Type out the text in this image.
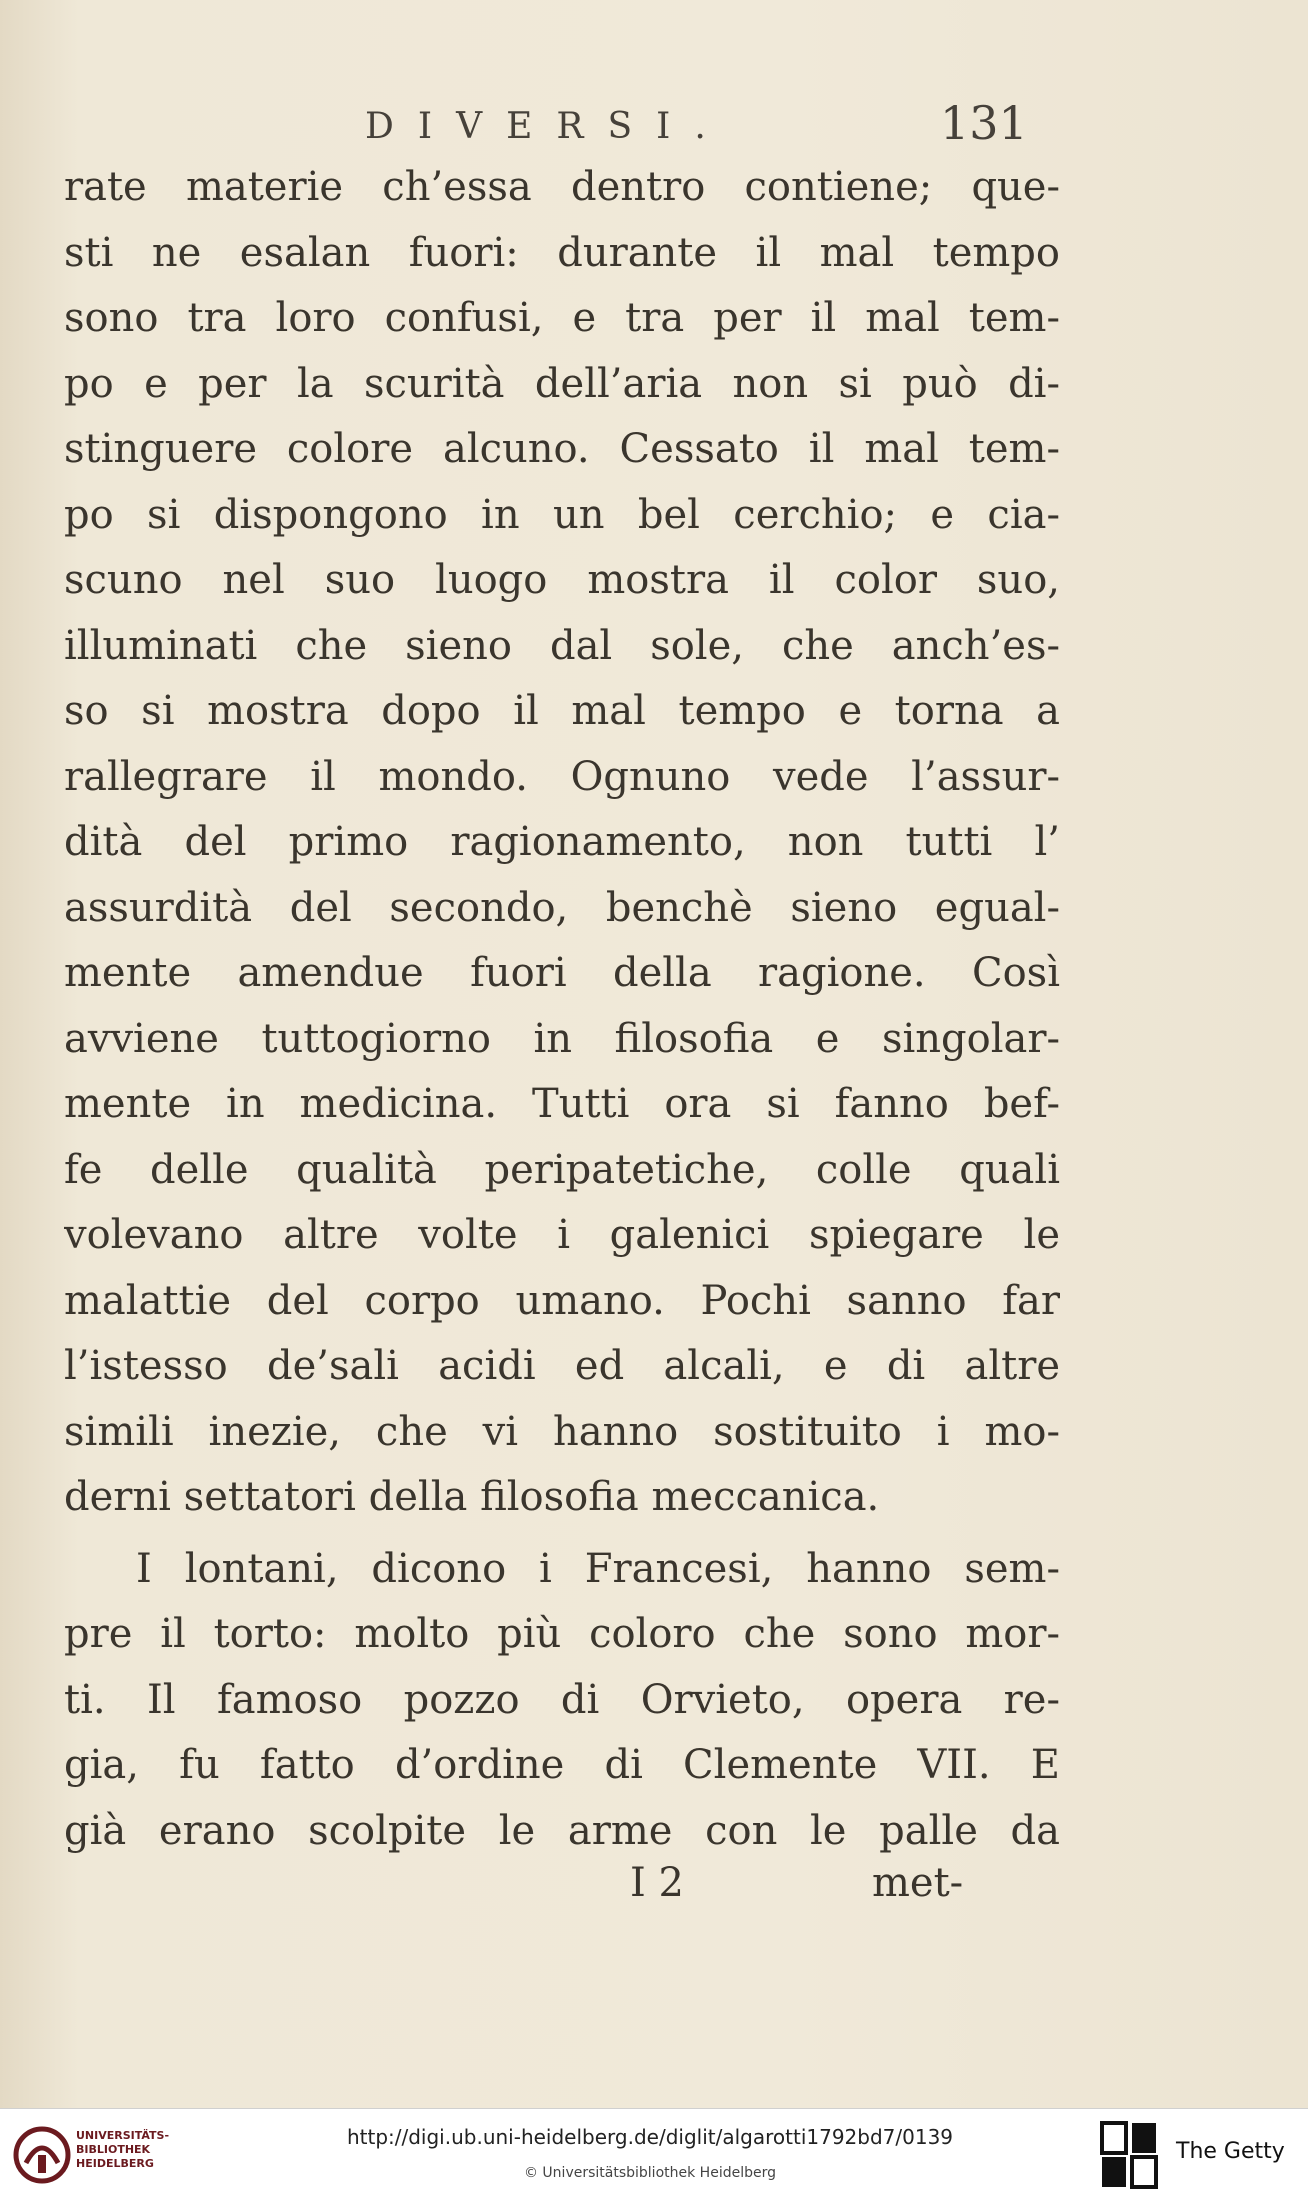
DIVERSI.	131
rate materie ch’essa dentro contiene; que-
sti ne esalan fuori: durante il mal tempo
sono tra loro confusi, e tra per il mal tem-
po e per la scurità dell’aria non si può di-
stinguere colore alcuno. Cessato il mal tem-
po si dispongono in un bel cerchio; e cia-
scuno nel suo luogo mostra il color suo,
illuminati che sieno dal sole, che anch’es-
so si mostra dopo il mal tempo e torna a
rallegrare il mondo. Ognuno vede l’assur-
dità del primo ragionamento, non tutti l’
assurdità del secondo, benchè sieno egual-
mente amendue fuori della ragione. Così
avviene tuttogiorno in filosofia e singolar-
mente in medicina. Tutti ora si fanno bef-
fe delle qualità peripatetiche, colle quali
volevano altre volte i galenici spiegare le
malattie del corpo umano. Pochi sanno far
l’istesso de’sali acidi ed alcali, e di altre
simili inezie, che vi hanno sostituito i mo-
derni settatori della filosofia meccanica.
I lontani, dicono i Francesi, hanno sem-
pre il torto: molto più coloro che sono mor-
ti. Il famoso pozzo di Orvieto, opera re-
gia, fu fatto d’ordine di Clemente VII. E
già erano scolpite le arme con le palle da
I 2	met-
UNIVERSITÄTS-
BIBLIOTHEK
HEIDELBERG
http://digi.ub.uni-heidelberg.de/diglit/algarotti1792bd7/0139
© Universitätsbibliothek Heidelberg
The Getty
